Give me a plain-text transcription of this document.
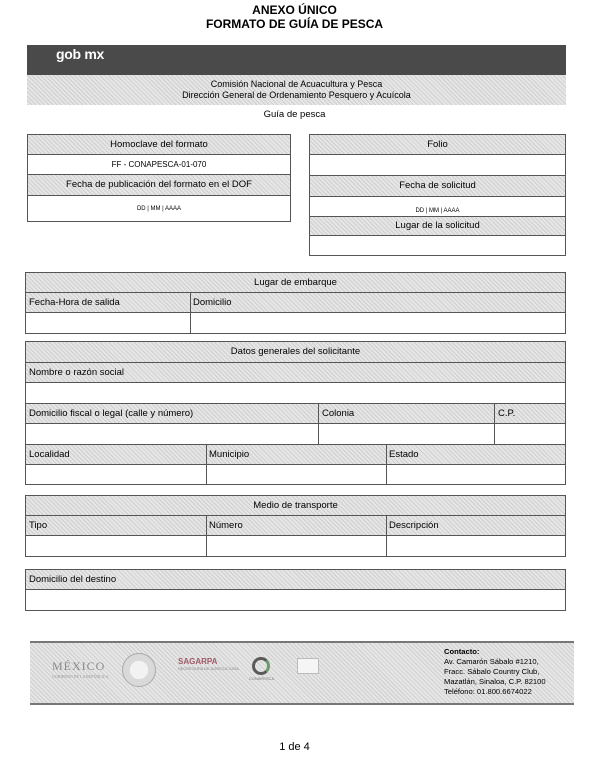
ANEXO ÚNICO
FORMATO DE GUÍA DE PESCA
gob mx
Comisión Nacional de Acuacultura y Pesca
Dirección General de Ordenamiento Pesquero y Acuícola
Guía de pesca
Homoclave del formato
FF - CONAPESCA-01-070
Fecha de publicación del formato en el DOF
DD | MM | AAAA
Folio
Fecha de solicitud
DD | MM | AAAA
Lugar de la solicitud
Lugar de embarque
Fecha-Hora de salida	Domicilio
Datos generales del solicitante
Nombre o razón social
Domicilio fiscal o legal (calle y número)	Colonia	C.P.
Localidad	Municipio	Estado
Medio de transporte
Tipo	Número	Descripción
Domicilio del destino
MÉXICO
GOBIERNO DE LA REPÚBLICA
SAGARPA
SECRETARÍA DE AGRICULTURA
CONAPESCA
Contacto:
Av. Camarón Sábalo #1210,
Fracc. Sábalo Country Club,
Mazatlán, Sinaloa, C.P. 82100
Teléfono: 01.800.6674022
1 de 4
